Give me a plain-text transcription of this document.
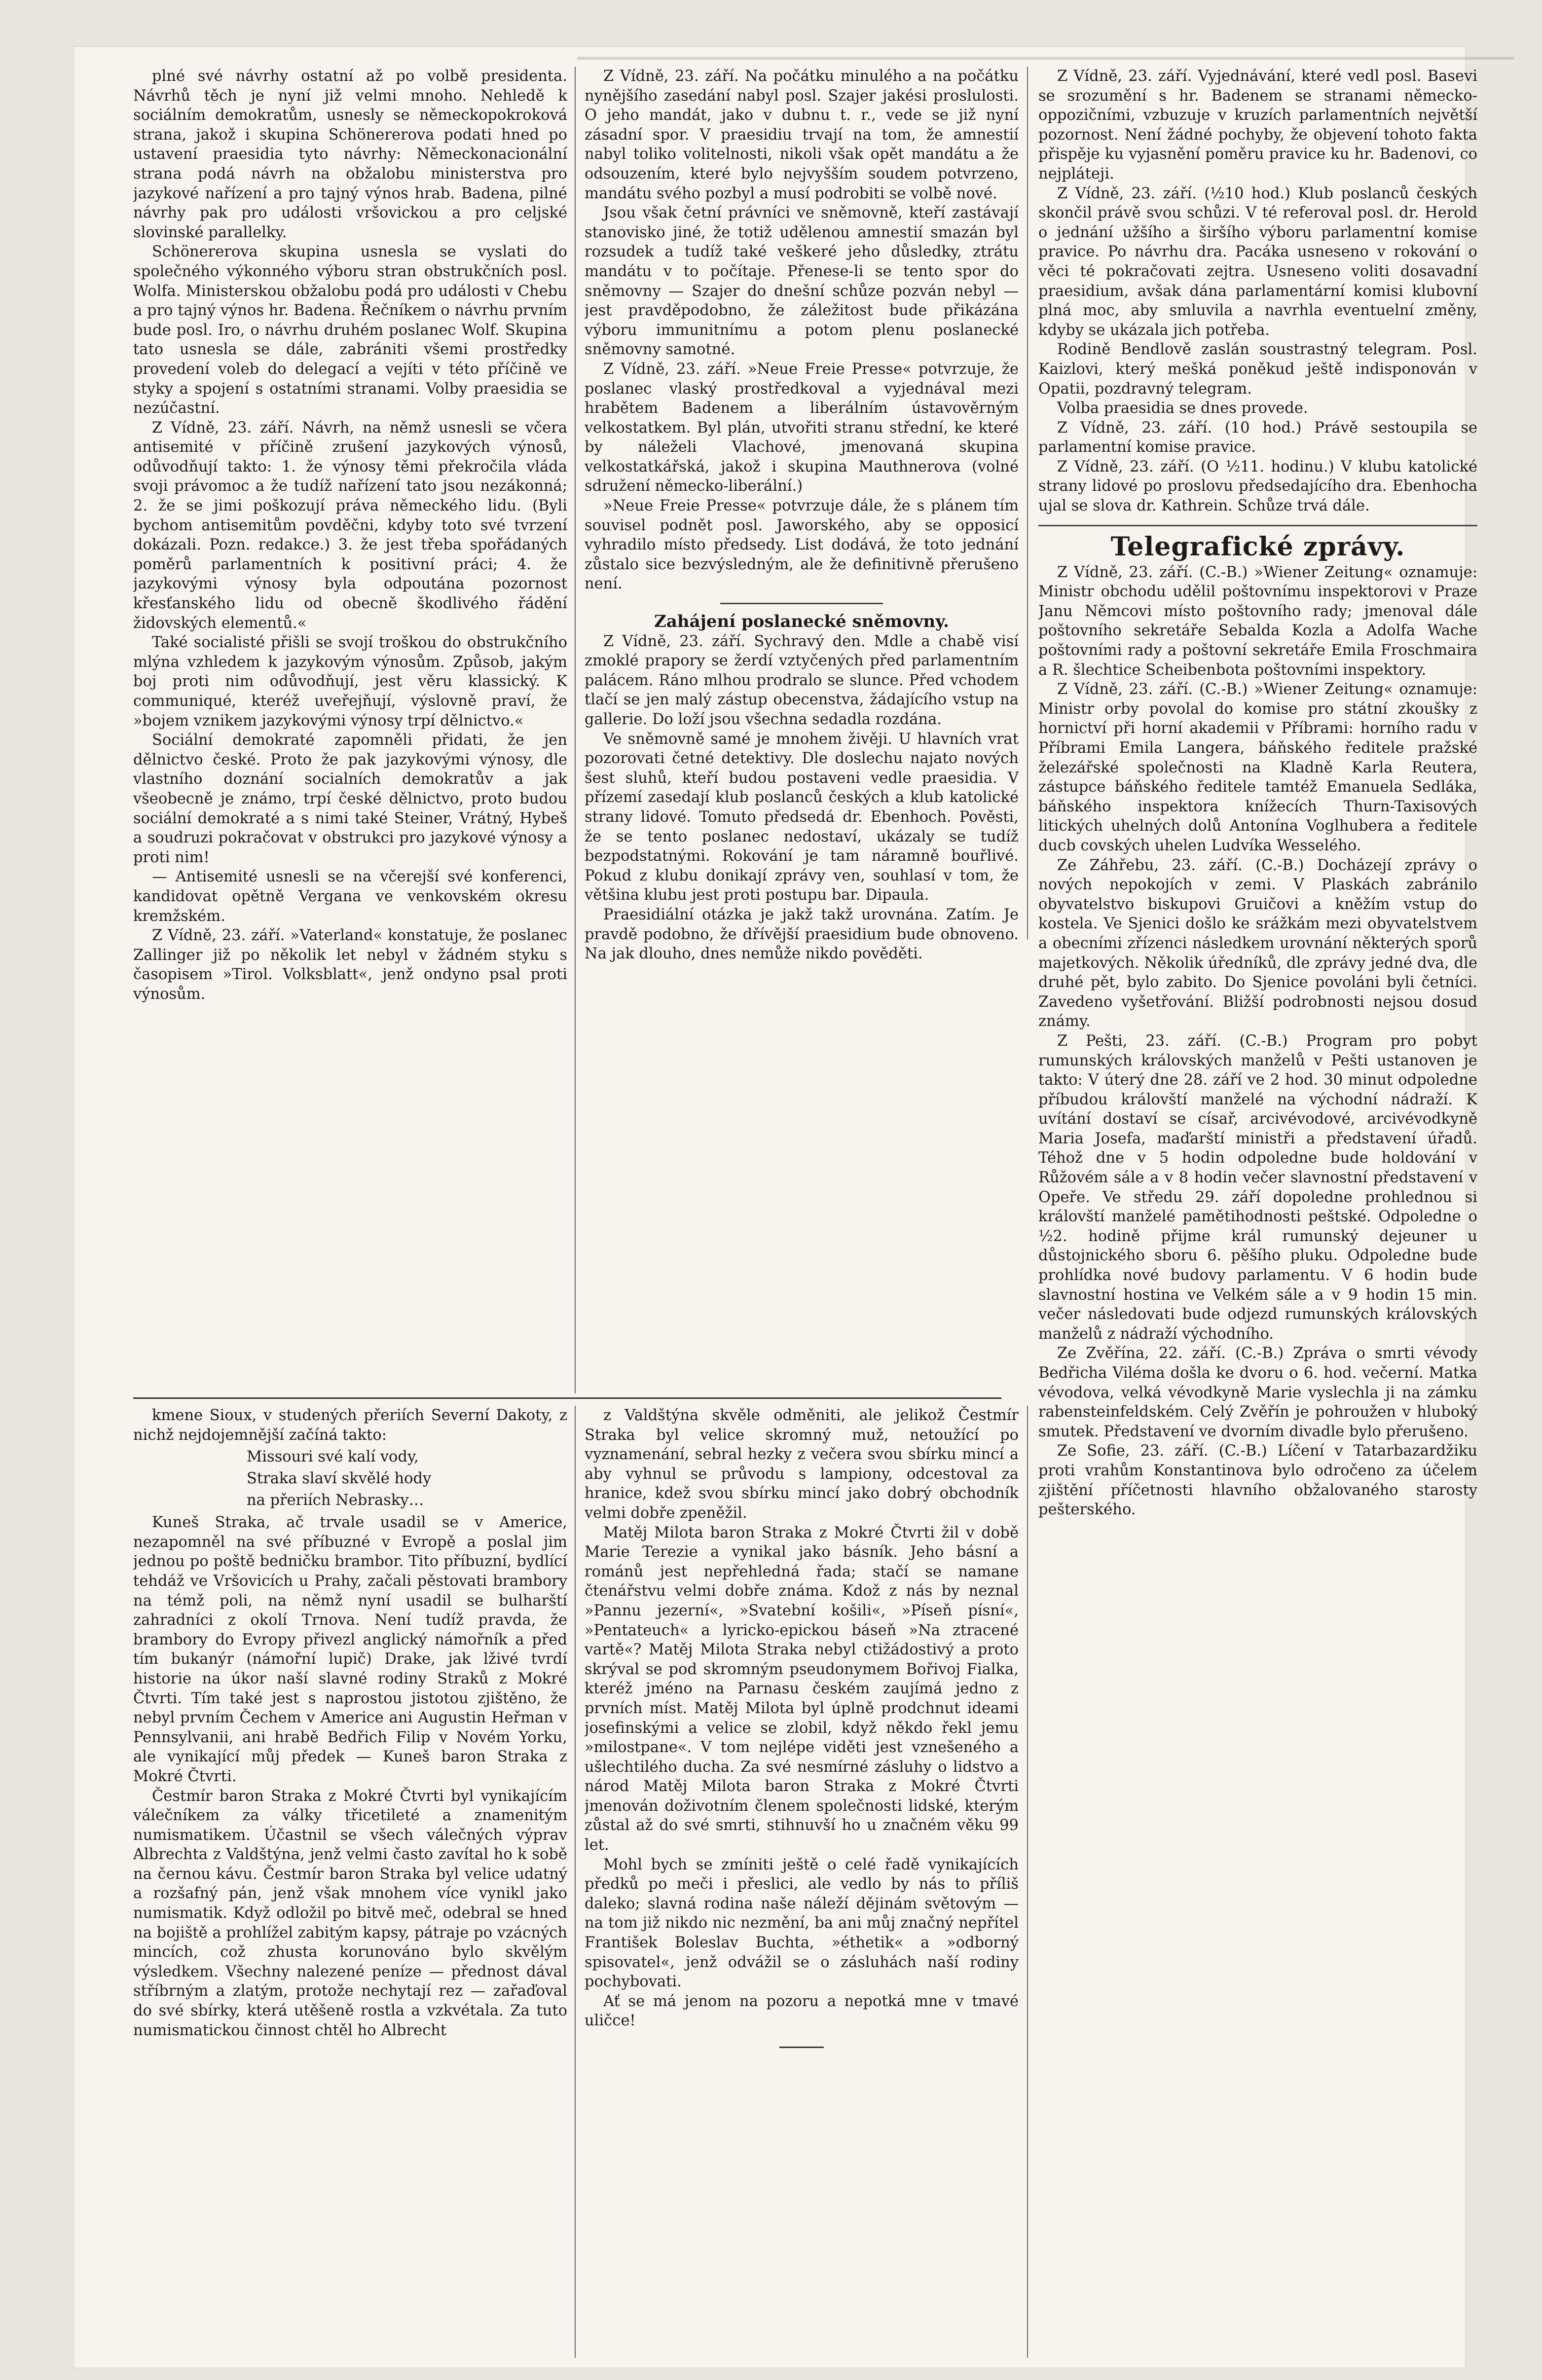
plné své návrhy ostatní až po volbě presidenta. Návrhů těch je nyní již velmi mnoho. Nehledě k sociálním demokratům, usnesly se německopokroková strana, jakož i skupina Schönererova podati hned po ustavení praesidia tyto návrhy: Německonacionální strana podá návrh na obžalobu ministerstva pro jazykové nařízení a pro tajný výnos hrab. Badena, pilné návrhy pak pro události vršovickou a pro celjské slovinské parallelky.

Schönererova skupina usnesla se vyslati do společného výkonného výboru stran obstrukčních posl. Wolfa. Ministerskou obžalobu podá pro události v Chebu a pro tajný výnos hr. Badena. Řečníkem o návrhu prvním bude posl. Iro, o návrhu druhém poslanec Wolf. Skupina tato usnesla se dále, zabrániti všemi prostředky provedení voleb do delegací a vejíti v této příčině ve styky a spojení s ostatními stranami. Volby praesidia se nezúčastní.

Z Vídně, 23. září. Návrh, na němž usnesli se včera antisemité v příčině zrušení jazykových výnosů, odůvodňují takto: 1. že výnosy těmi překročila vláda svoji právomoc a že tudíž nařízení tato jsou nezákonná; 2. že se jimi poškozují práva německého lidu. (Byli bychom antisemitům povděčni, kdyby toto své tvrzení dokázali. Pozn. redakce.) 3. že jest třeba spořádaných poměrů parlamentních k positivní práci; 4. že jazykovými výnosy byla odpoutána pozornost křesťanského lidu od obecně škodlivého řádění židovských elementů.«

Také socialisté přišli se svojí troškou do obstrukčního mlýna vzhledem k jazykovým výnosům. Způsob, jakým boj proti nim odůvodňují, jest věru klassický. K communiqué, kteréž uveřejňují, výslovně praví, že »bojem vznikem jazykovými výnosy trpí dělnictvo.«

Sociální demokraté zapomněli přidati, že jen dělnictvo české. Proto že pak jazykovými výnosy, dle vlastního doznání socialních demokratův a jak všeobecně je známo, trpí české dělnictvo, proto budou sociální demokraté a s nimi také Steiner, Vrátný, Hybeš a soudruzi pokračovat v obstrukci pro jazykové výnosy a proti nim!

— Antisemité usnesli se na včerejší své konferenci, kandidovat opětně Vergana ve venkovském okresu kremžském.

Z Vídně, 23. září. »Vaterland« konstatuje, že poslanec Zallinger již po několik let nebyl v žádném styku s časopisem »Tirol. Volksblatt«, jenž ondyno psal proti výnosům.

Z Vídně, 23. září. Na počátku minulého a na počátku nynějšího zasedání nabyl posl. Szajer jakési proslulosti. O jeho mandát, jako v dubnu t. r., vede se již nyní zásadní spor. V praesidiu trvají na tom, že amnestií nabyl toliko volitelnosti, nikoli však opět mandátu a že odsouzením, které bylo nejvyšším soudem potvrzeno, mandátu svého pozbyl a musí podrobiti se volbě nové.

Jsou však četní právníci ve sněmovně, kteří zastávají stanovisko jiné, že totiž udělenou amnestií smazán byl rozsudek a tudíž také veškeré jeho důsledky, ztrátu mandátu v to počítaje. Přenese-li se tento spor do sněmovny — Szajer do dnešní schůze pozván nebyl — jest pravděpodobno, že záležitost bude přikázána výboru immunitnímu a potom plenu poslanecké sněmovny samotné.

Z Vídně, 23. září. »Neue Freie Presse« potvrzuje, že poslanec vlaský prostředkoval a vyjednával mezi hrabětem Badenem a liberálním ústavověrným velkostatkem. Byl plán, utvořiti stranu střední, ke které by náleželi Vlachové, jmenovaná skupina velkostatkářská, jakož i skupina Mauthnerova (volné sdružení německo-liberální.)

»Neue Freie Presse« potvrzuje dále, že s plánem tím souvisel podnět posl. Jaworského, aby se opposicí vyhradilo místo předsedy. List dodává, že toto jednání zůstalo sice bezvýsledným, ale že definitivně přerušeno není.

Zahájení poslanecké sněmovny.

Z Vídně, 23. září. Sychravý den. Mdle a chabě visí zmoklé prapory se žerdí vztyčených před parlamentním palácem. Ráno mlhou prodralo se slunce. Před vchodem tlačí se jen malý zástup obecenstva, žádajícího vstup na gallerie. Do loží jsou všechna sedadla rozdána.

Ve sněmovně samé je mnohem živěji. U hlavních vrat pozorovati četné detektivy. Dle doslechu najato nových šest sluhů, kteří budou postaveni vedle praesidia. V přízemí zasedají klub poslanců českých a klub katolické strany lidové. Tomuto předsedá dr. Ebenhoch. Pověsti, že se tento poslanec nedostaví, ukázaly se tudíž bezpodstatnými. Rokování je tam náramně bouřlivé. Pokud z klubu donikají zprávy ven, souhlasí v tom, že většina klubu jest proti postupu bar. Dipaula.

Praesidiální otázka je jakž takž urovnána. Zatím. Je pravdě podobno, že dřívější praesidium bude obnoveno. Na jak dlouho, dnes nemůže nikdo pověděti.

Z Vídně, 23. září. Vyjednávání, které vedl posl. Basevi se srozumění s hr. Badenem se stranami německo-oppozičními, vzbuzuje v kruzích parlamentních největší pozornost. Není žádné pochyby, že objevení tohoto fakta přispěje ku vyjasnění poměru pravice ku hr. Badenovi, co nejpláteji.

Z Vídně, 23. září. (½10 hod.) Klub poslanců českých skončil právě svou schůzi. V té referoval posl. dr. Herold o jednání užšího a širšího výboru parlamentní komise pravice. Po návrhu dra. Pacáka usneseno v rokování o věci té pokračovati zejtra. Usneseno voliti dosavadní praesidium, avšak dána parlamentární komisi klubovní plná moc, aby smluvila a navrhla eventuelní změny, kdyby se ukázala jich potřeba.

Rodině Bendlově zaslán soustrastný telegram. Posl. Kaizlovi, který mešká poněkud ještě indisponován v Opatii, pozdravný telegram.

Volba praesidia se dnes provede.

Z Vídně, 23. září. (10 hod.) Právě sestoupila se parlamentní komise pravice.

Z Vídně, 23. září. (O ½11. hodinu.) V klubu katolické strany lidové po proslovu předsedajícího dra. Ebenhocha ujal se slova dr. Kathrein. Schůze trvá dále.

Telegrafické zprávy.

Z Vídně, 23. září. (C.-B.) »Wiener Zeitung« oznamuje: Ministr obchodu udělil poštovnímu inspektorovi v Praze Janu Němcovi místo poštovního rady; jmenoval dále poštovního sekretáře Sebalda Kozla a Adolfa Wache poštovními rady a poštovní sekretáře Emila Froschmaira a R. šlechtice Scheibenbota poštovními inspektory.

Z Vídně, 23. září. (C.-B.) »Wiener Zeitung« oznamuje: Ministr orby povolal do komise pro státní zkoušky z hornictví při horní akademii v Příbrami: horního radu v Příbrami Emila Langera, báňského ředitele pražské železářské společnosti na Kladně Karla Reutera, zástupce báňského ředitele tamtéž Emanuela Sedláka, báňského inspektora knížecích Thurn-Taxisových litických uhelných dolů Antonína Voglhubera a ředitele ducb covských uhelen Ludvíka Wesselého.

Ze Záhřebu, 23. září. (C.-B.) Docházejí zprávy o nových nepokojích v zemi. V Plaskách zabránilo obyvatelstvo biskupovi Gruičovi a kněžím vstup do kostela. Ve Sjenici došlo ke srážkám mezi obyvatelstvem a obecními zřízenci následkem urovnání některých sporů majetkových. Několik úředníků, dle zprávy jedné dva, dle druhé pět, bylo zabito. Do Sjenice povoláni byli četníci. Zavedeno vyšetřování. Bližší podrobnosti nejsou dosud známy.

Z Pešti, 23. září. (C.-B.) Program pro pobyt rumunských královských manželů v Pešti ustanoven je takto: V úterý dne 28. září ve 2 hod. 30 minut odpoledne příbudou královští manželé na východní nádraží. K uvítání dostaví se císař, arcivévodové, arcivévodkyně Maria Josefa, maďarští ministři a představení úřadů. Téhož dne v 5 hodin odpoledne bude holdování v Růžovém sále a v 8 hodin večer slavnostní představení v Opeře. Ve středu 29. září dopoledne prohlednou si královští manželé pamětihodnosti peštské. Odpoledne o ½2. hodině přijme král rumunský dejeuner u důstojnického sboru 6. pěšího pluku. Odpoledne bude prohlídka nové budovy parlamentu. V 6 hodin bude slavnostní hostina ve Velkém sále a v 9 hodin 15 min. večer následovati bude odjezd rumunských královských manželů z nádraží východního.

Ze Zvěřína, 22. září. (C.-B.) Zpráva o smrti vévody Bedřicha Viléma došla ke dvoru o 6. hod. večerní. Matka vévodova, velká vévodkyně Marie vyslechla ji na zámku rabensteinfeldském. Celý Zvěřín je pohroužen v hluboký smutek. Představení ve dvorním divadle bylo přerušeno.

Ze Sofie, 23. září. (C.-B.) Líčení v Tatarbazardžiku proti vrahům Konstantinova bylo odročeno za účelem zjištění příčetnosti hlavního obžalovaného starosty pešterského.

kmene Sioux, v studených přeriích Severní Dakoty, z nichž nejdojemnější začíná takto:

Missouri své kalí vody,

Straka slaví skvělé hody

na přeriích Nebrasky…

Kuneš Straka, ač trvale usadil se v Americe, nezapomněl na své příbuzné v Evropě a poslal jim jednou po poště bedničku brambor. Tito příbuzní, bydlící tehdáž ve Vršovicích u Prahy, začali pěstovati brambory na témž poli, na němž nyní usadil se bulharští zahradníci z okolí Trnova. Není tudíž pravda, že brambory do Evropy přivezl anglický námořník a před tím bukanýr (námořní lupič) Drake, jak lživé tvrdí historie na úkor naší slavné rodiny Straků z Mokré Čtvrti. Tím také jest s naprostou jistotou zjištěno, že nebyl prvním Čechem v Americe ani Augustin Heřman v Pennsylvanii, ani hrabě Bedřich Filip v Novém Yorku, ale vynikající můj předek — Kuneš baron Straka z Mokré Čtvrti.

Čestmír baron Straka z Mokré Čtvrti byl vynikajícím válečníkem za války třicetileté a znamenitým numismatikem. Účastnil se všech válečných výprav Albrechta z Valdštýna, jenž velmi často zavítal ho k sobě na černou kávu. Čestmír baron Straka byl velice udatný a rozšafný pán, jenž však mnohem více vynikl jako numismatik. Když odložil po bitvě meč, odebral se hned na bojiště a prohlížel zabitým kapsy, pátraje po vzácných mincích, což zhusta korunováno bylo skvělým výsledkem. Všechny nalezené peníze — přednost dával stříbrným a zlatým, protože nechytají rez — zařaďoval do své sbírky, která utěšeně rostla a vzkvétala. Za tuto numismatickou činnost chtěl ho Albrecht

z Valdštýna skvěle odměniti, ale jelikož Čestmír Straka byl velice skromný muž, netoužící po vyznamenání, sebral hezky z večera svou sbírku mincí a aby vyhnul se průvodu s lampiony, odcestoval za hranice, kdež svou sbírku mincí jako dobrý obchodník velmi dobře zpeněžil.

Matěj Milota baron Straka z Mokré Čtvrti žil v době Marie Terezie a vynikal jako básník. Jeho básní a románů jest nepřehledná řada; stačí se namane čtenářstvu velmi dobře známa. Kdož z nás by neznal »Pannu jezerní«, »Svatební košili«, »Píseň písní«, »Pentateuch« a lyricko-epickou báseň »Na ztracené vartě«? Matěj Milota Straka nebyl ctižádostivý a proto skrýval se pod skromným pseudonymem Bořivoj Fialka, kteréž jméno na Parnasu českém zaujímá jedno z prvních míst. Matěj Milota byl úplně prodchnut ideami josefinskými a velice se zlobil, když někdo řekl jemu »milostpane«. V tom nejlépe viděti jest vznešeného a ušlechtilého ducha. Za své nesmírné zásluhy o lidstvo a národ Matěj Milota baron Straka z Mokré Čtvrti jmenován doživotním členem společnosti lidské, kterým zůstal až do své smrti, stihnuvší ho u značném věku 99 let.

Mohl bych se zmíniti ještě o celé řadě vynikajících předků po meči i přeslici, ale vedlo by nás to příliš daleko; slavná rodina naše náleží dějinám světovým — na tom již nikdo nic nezmění, ba ani můj značný nepřítel František Boleslav Buchta, »éthetik« a »odborný spisovatel«, jenž odvážil se o zásluhách naší rodiny pochybovati.

Ať se má jenom na pozoru a nepotká mne v tmavé uličce!
